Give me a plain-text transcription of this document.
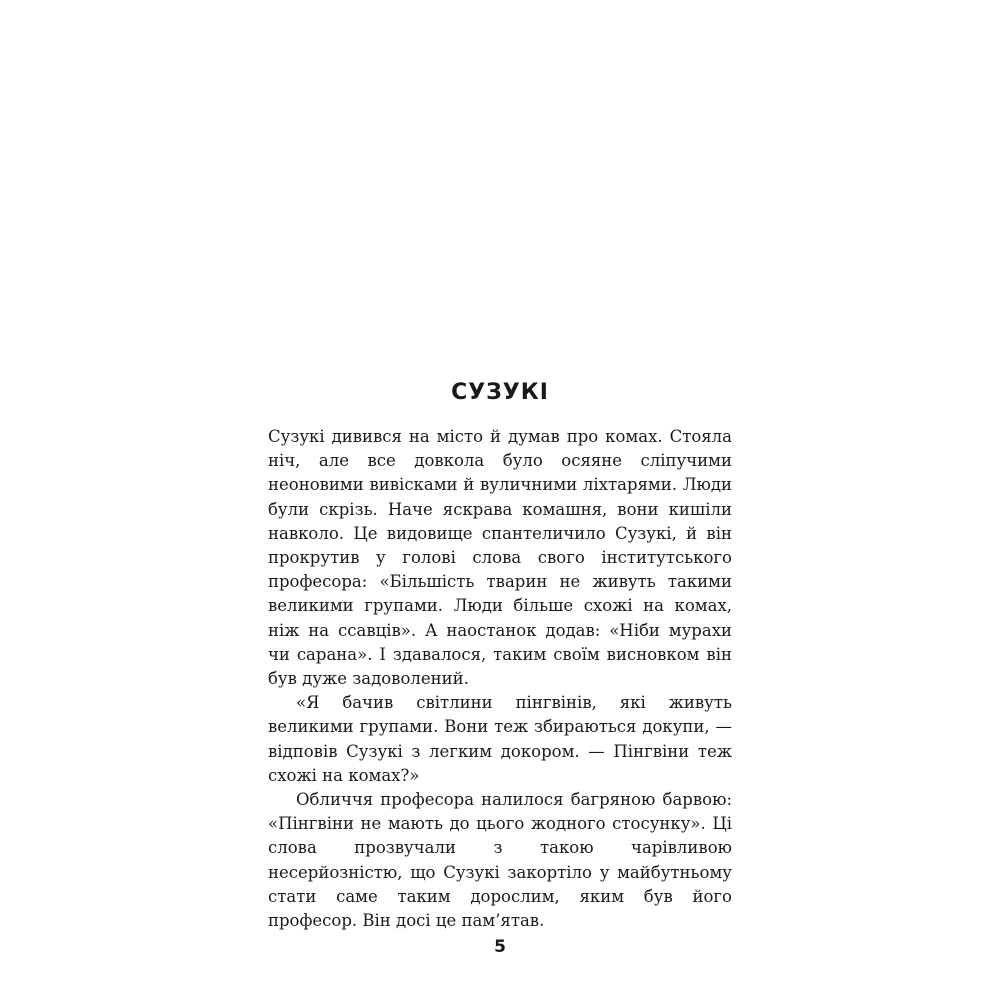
СУЗУКІ

Сузукі дивився на місто й думав про комах. Стояла ніч, але все довкола було осяяне сліпучими неоновими вивісками й вуличними ліхтарями. Люди були скрізь. Наче яскрава комашня, вони кишіли навколо. Це видовище спантеличило Сузукі, й він прокрутив у голові слова свого інститутського професора: «Більшість тварин не живуть такими великими групами. Люди більше схожі на комах, ніж на ссавців». А наостанок додав: «Ніби мурахи чи сарана». І здавалося, таким своїм висновком він був дуже задоволений.

«Я бачив світлини пінгвінів, які живуть великими групами. Вони теж збираються докупи, — відповів Сузукі з легким докором. — Пінгвіни теж схожі на комах?»

Обличчя професора налилося багряною барвою: «Пінгвіни не мають до цього жодного стосунку». Ці слова прозвучали з такою чарівливою несерйозністю, що Сузукі закортіло у майбутньому стати саме таким дорослим, яким був його професор. Він досі це пам’ятав.

5
